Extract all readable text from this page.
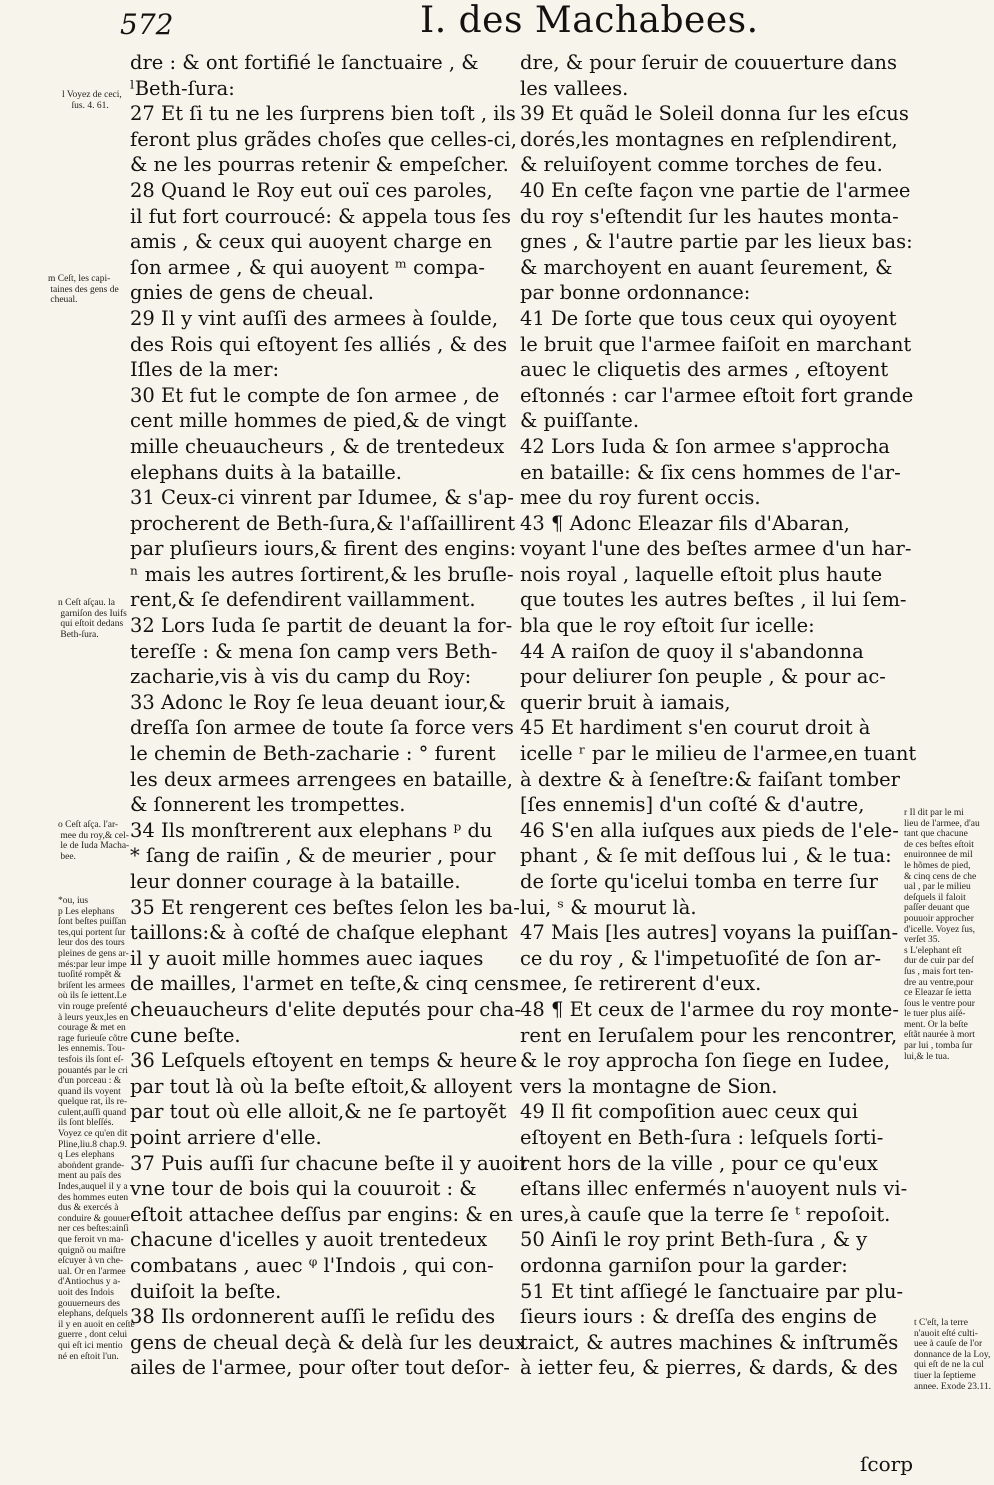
572	I. des Machabees.
dre : & ont fortifié le ſanctuaire , &
ˡBeth-ſura:
27 Et ſi tu ne les ſurprens bien toſt , ils
feront plus grãdes choſes que celles-ci,
& ne les pourras retenir & empeſcher.
28 Quand le Roy eut ouï ces paroles,
il fut fort courroucé: & appela tous ſes
amis , & ceux qui auoyent charge en
ſon armee , & qui auoyent ᵐ compa-
gnies de gens de cheual.
29 Il y vint auſſi des armees à ſoulde,
des Rois qui eſtoyent ſes alliés , & des
Iſles de la mer:
30 Et fut le compte de ſon armee , de
cent mille hommes de pied,& de vingt
mille cheuaucheurs , & de trentedeux
elephans duits à la bataille.
31 Ceux-ci vinrent par Idumee, & s'ap-
procherent de Beth-ſura,& l'aſſaillirent
par pluſieurs iours,& firent des engins:
ⁿ mais les autres ſortirent,& les bruſle-
rent,& ſe defendirent vaillamment.
32 Lors Iuda ſe partit de deuant la for-
tereſſe : & mena ſon camp vers Beth-
zacharie,vis à vis du camp du Roy:
33 Adonc le Roy ſe leua deuant iour,&
dreſſa ſon armee de toute ſa force vers
le chemin de Beth-zacharie : ° furent
les deux armees arrengees en bataille,
& ſonnerent les trompettes.
34 Ils monſtrerent aux elephans ᵖ du
* ſang de raiſin , & de meurier , pour
leur donner courage à la bataille.
35 Et rengerent ces beſtes ſelon les ba-
taillons:& à coſté de chaſque elephant
il y auoit mille hommes auec iaques
de mailles, l'armet en teſte,& cinq cens
cheuaucheurs d'elite deputés pour cha-
cune beſte.
36 Leſquels eſtoyent en temps & heure
par tout là où la beſte eſtoit,& alloyent
par tout où elle alloit,& ne ſe partoyẽt
point arriere d'elle.
37 Puis auſſi ſur chacune beſte il y auoit
vne tour de bois qui la couuroit : &
eſtoit attachee deſſus par engins: & en
chacune d'icelles y auoit trentedeux
combatans , auec ᵠ l'Indois , qui con-
duiſoit la beſte.
38 Ils ordonnerent auſſi le reſidu des
gens de cheual deçà & delà ſur les deux
ailes de l'armee, pour oſter tout deſor-
dre, & pour ſeruir de couuerture dans
les vallees.
39 Et quãd le Soleil donna ſur les eſcus
dorés,les montagnes en reſplendirent,
& reluiſoyent comme torches de feu.
40 En ceſte façon vne partie de l'armee
du roy s'eſtendit ſur les hautes monta-
gnes , & l'autre partie par les lieux bas:
& marchoyent en auant ſeurement, &
par bonne ordonnance:
41 De ſorte que tous ceux qui oyoyent
le bruit que l'armee faiſoit en marchant
auec le cliquetis des armes , eſtoyent
eſtonnés : car l'armee eſtoit fort grande
& puiſſante.
42 Lors Iuda & ſon armee s'approcha
en bataille: & ſix cens hommes de l'ar-
mee du roy furent occis.
43 ¶ Adonc Eleazar fils d'Abaran,
voyant l'une des beſtes armee d'un har-
nois royal , laquelle eſtoit plus haute
que toutes les autres beſtes , il lui ſem-
bla que le roy eſtoit ſur icelle:
44 A raiſon de quoy il s'abandonna
pour deliurer ſon peuple , & pour ac-
querir bruit à iamais,
45 Et hardiment s'en courut droit à
icelle ʳ par le milieu de l'armee,en tuant
à dextre & à ſeneſtre:& faiſant tomber
[ſes ennemis] d'un coſté & d'autre,
46 S'en alla iuſques aux pieds de l'ele-
phant , & ſe mit deſſous lui , & le tua:
de ſorte qu'icelui tomba en terre ſur
lui, ˢ & mourut là.
47 Mais [les autres] voyans la puiſſan-
ce du roy , & l'impetuoſité de ſon ar-
mee, ſe retirerent d'eux.
48 ¶ Et ceux de l'armee du roy monte-
rent en Ieruſalem pour les rencontrer,
& le roy approcha ſon ſiege en Iudee,
vers la montagne de Sion.
49 Il fit compoſition auec ceux qui
eſtoyent en Beth-ſura : leſquels ſorti-
rent hors de la ville , pour ce qu'eux
eſtans illec enfermés n'auoyent nuls vi-
ures,à cauſe que la terre ſe ᵗ repoſoit.
50 Ainſi le roy print Beth-ſura , & y
ordonna garniſon pour la garder:
51 Et tint aſſiegé le ſanctuaire par plu-
ſieurs iours : & dreſſa des engins de
traict, & autres machines & inſtrumẽs
à ietter feu, & pierres, & dards, & des
ſcorp
l Voyez de ceci,
ſus. 4. 61.
m Ceſt, les capi-
taines des gens de
cheual.
n Ceſt aſçau. la
garniſon des Iuifs
qui eſtoit dedans
Beth-ſura.
o Ceſt aſça. l'ar-
mee du roy,& cel-
le de Iuda Macha-
bee.
*ou, ius
p Les elephans
ſont beſtes puiſſan
tes,qui portent ſur
leur dos des tours
pleines de gens ar-
més:par leur impe
tuoſité rompẽt &
briſent les armees
où ils ſe iettent.Le
vin rouge preſenté
à leurs yeux,les en
courage & met en
rage furieuſe cõtre
les ennemis. Tou-
tesfois ils ſont eſ-
pouantés par le cri
d'un porceau : &
quand ils voyent
quelque rat, ils re-
culent,auſſi quand
ils ſont bleſſés.
Voyez ce qu'en dit
Pline,liu.8 chap.9.
q Les elephans
aboṅdent grande-
ment au païs des
Indes,auquel il y a
des hommes euten
dus & exercés à
conduire & gouuer
ner ces beſtes:ainſi
que feroit vn ma-
quignõ ou maiſtre
eſcuyer à vn che-
ual. Or en l'armee
d'Antiochus y a-
uoit des Indois
gouuerneurs des
elephans, deſquels
il y en auoit en ceſte
guerre , dont celui
qui eſt ici mentio
né en eſtoit l'un.
r Il dit par le mi
lieu de l'armee, d'au
tant que chacune
de ces beſtes eſtoit
enuironnee de mil
le hõmes de pied,
& cinq cens de che
ual , par le milieu
deſquels il faloit
paſſer deuant que
pouuoir approcher
d'icelle. Voyez ſus,
verſet 35.
s L'elephant eſt
dur de cuir par deſ
ſus , mais fort ten-
dre au ventre,pour
ce Eleazar ſe ietta
ſous le ventre pour
le tuer plus aiſé-
ment. Or la beſte
eſtãt naurée à mort
par lui , tomba ſur
lui,& le tua.
t C'eſt, la terre
n'auoit eſté culti-
uee à cauſe de l'or
donnance de la Loy,
qui eſt de ne la cul
tiuer la ſeptieme
annee. Exode 23.11.
